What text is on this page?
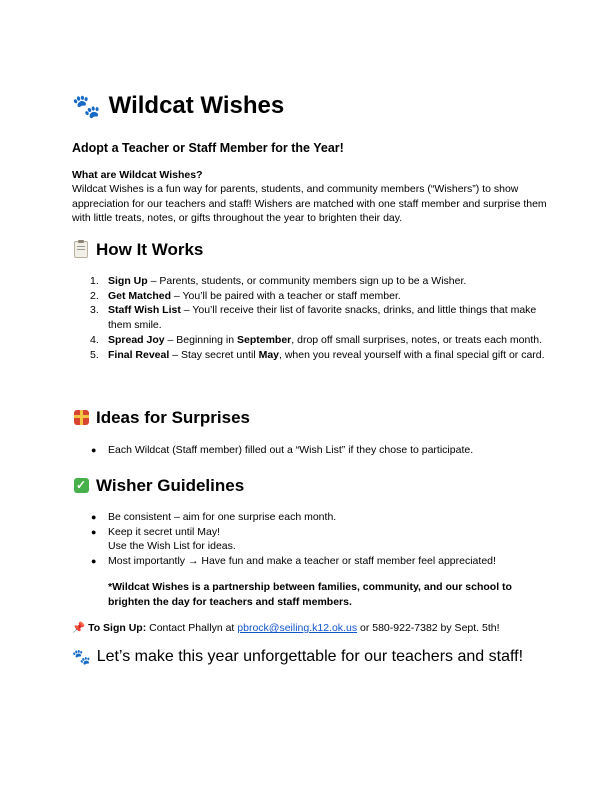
🐾 Wildcat Wishes
Adopt a Teacher or Staff Member for the Year!
What are Wildcat Wishes?
Wildcat Wishes is a fun way for parents, students, and community members (“Wishers”) to show appreciation for our teachers and staff! Wishers are matched with one staff member and surprise them with little treats, notes, or gifts throughout the year to brighten their day.
How It Works
1. Sign Up – Parents, students, or community members sign up to be a Wisher.
2. Get Matched – You’ll be paired with a teacher or staff member.
3. Staff Wish List – You’ll receive their list of favorite snacks, drinks, and little things that make them smile.
4. Spread Joy – Beginning in September, drop off small surprises, notes, or treats each month.
5. Final Reveal – Stay secret until May, when you reveal yourself with a final special gift or card.
Ideas for Surprises
● Each Wildcat (Staff member) filled out a “Wish List” if they chose to participate.
✓ Wisher Guidelines
● Be consistent – aim for one surprise each month.
● Keep it secret until May!
Use the Wish List for ideas.
● Most importantly → Have fun and make a teacher or staff member feel appreciated!
*Wildcat Wishes is a partnership between families, community, and our school to brighten the day for teachers and staff members.
📌 To Sign Up: Contact Phallyn at pbrock@seiling.k12.ok.us or 580-922-7382 by Sept. 5th!
🐾 Let’s make this year unforgettable for our teachers and staff!
